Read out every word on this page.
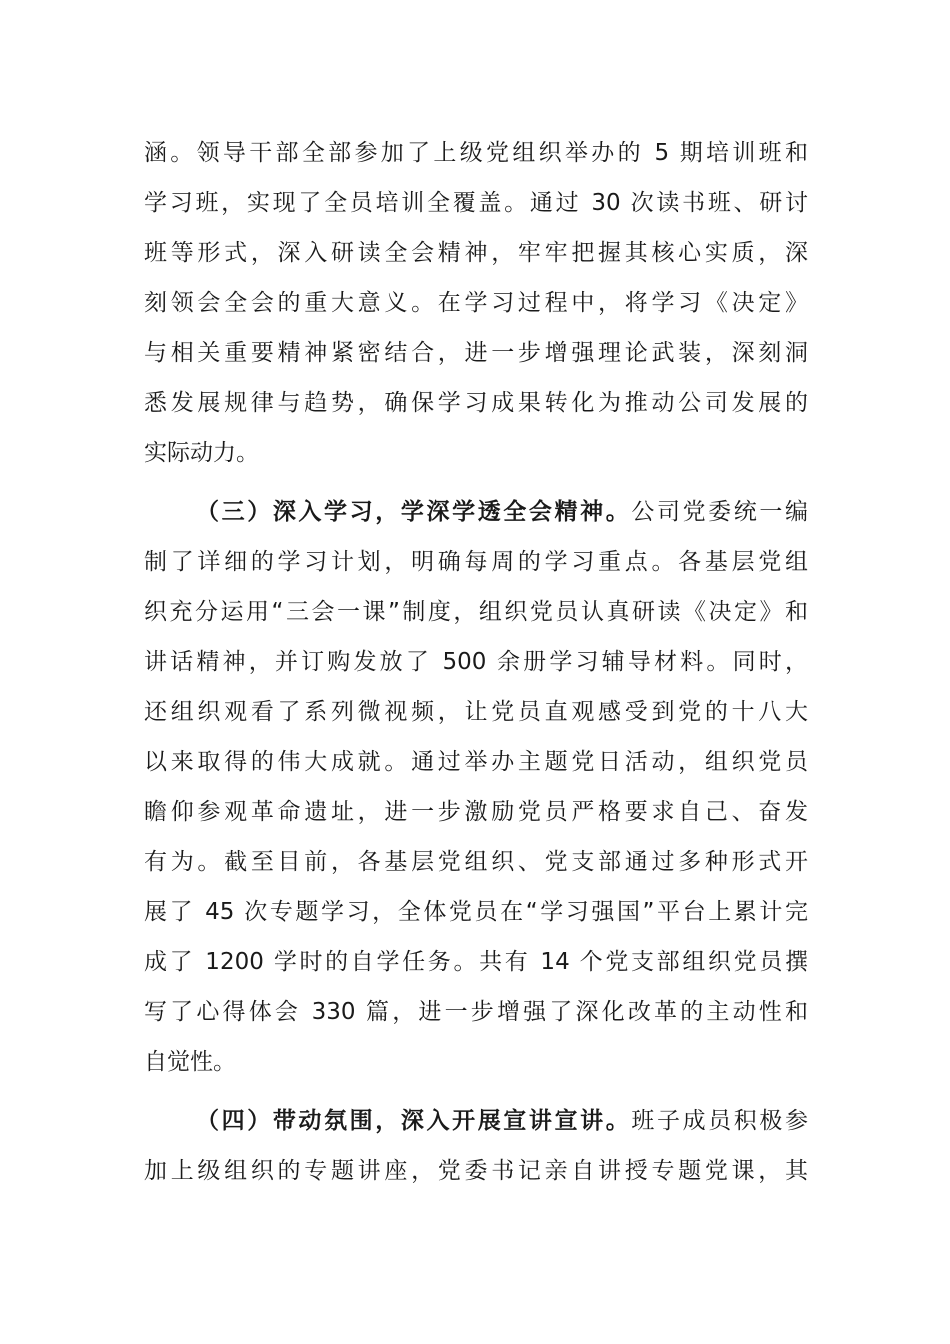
涵。领导干部全部参加了上级党组织举办的 5 期培训班和
学习班，实现了全员培训全覆盖。通过 30 次读书班、研讨
班等形式，深入研读全会精神，牢牢把握其核心实质，深
刻领会全会的重大意义。在学习过程中，将学习《决定》
与相关重要精神紧密结合，进一步增强理论武装，深刻洞
悉发展规律与趋势，确保学习成果转化为推动公司发展的
实际动力。
（三）深入学习，学深学透全会精神。公司党委统一编
制了详细的学习计划，明确每周的学习重点。各基层党组
织充分运用“三会一课”制度，组织党员认真研读《决定》和
讲话精神，并订购发放了 500 余册学习辅导材料。同时，
还组织观看了系列微视频，让党员直观感受到党的十八大
以来取得的伟大成就。通过举办主题党日活动，组织党员
瞻仰参观革命遗址，进一步激励党员严格要求自己、奋发
有为。截至目前，各基层党组织、党支部通过多种形式开
展了 45 次专题学习，全体党员在“学习强国”平台上累计完
成了 1200 学时的自学任务。共有 14 个党支部组织党员撰
写了心得体会 330 篇，进一步增强了深化改革的主动性和
自觉性。
（四）带动氛围，深入开展宣讲宣讲。班子成员积极参
加上级组织的专题讲座，党委书记亲自讲授专题党课，其
